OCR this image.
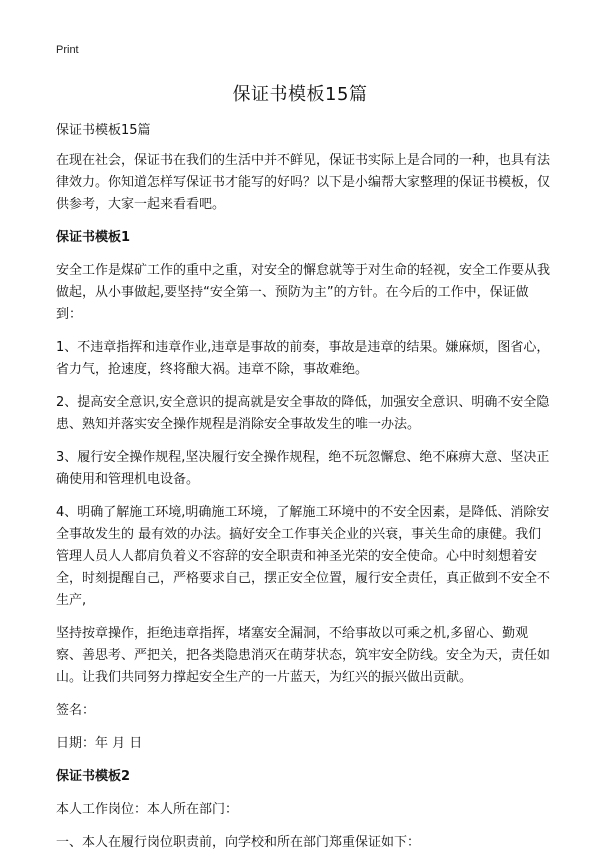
Print
保证书模板15篇

保证书模板15篇

在现在社会，保证书在我们的生活中并不鲜见，保证书实际上是合同的一种，也具有法律效力。你知道怎样写保证书才能写的好吗？以下是小编帮大家整理的保证书模板，仅供参考，大家一起来看看吧。

保证书模板1

安全工作是煤矿工作的重中之重，对安全的懈怠就等于对生命的轻视，安全工作要从我做起，从小事做起,要坚持“安全第一、预防为主”的方针。在今后的工作中，保证做到：

1、不违章指挥和违章作业,违章是事故的前奏，事故是违章的结果。嫌麻烦，图省心，省力气，抢速度，终将酿大祸。违章不除，事故难绝。

2、提高安全意识,安全意识的提高就是安全事故的降低，加强安全意识、明确不安全隐患、熟知并落实安全操作规程是消除安全事故发生的唯一办法。

3、履行安全操作规程,坚决履行安全操作规程，绝不玩忽懈怠、绝不麻痹大意、坚决正确使用和管理机电设备。

4、明确了解施工环境,明确施工环境，了解施工环境中的不安全因素，是降低、消除安全事故发生的 最有效的办法。搞好安全工作事关企业的兴衰，事关生命的康健。我们管理人员人人都肩负着义不容辞的安全职责和神圣光荣的安全使命。心中时刻想着安全，时刻提醒自己，严格要求自己，摆正安全位置，履行安全责任，真正做到不安全不生产,

坚持按章操作，拒绝违章指挥，堵塞安全漏洞，不给事故以可乘之机,多留心、勤观察、善思考、严把关，把各类隐患消灭在萌芽状态，筑牢安全防线。安全为天，责任如山。让我们共同努力撑起安全生产的一片蓝天，为红兴的振兴做出贡献。

签名：

日期：年 月 日

保证书模板2

本人工作岗位：本人所在部门：

一、本人在履行岗位职责前，向学校和所在部门郑重保证如下：
